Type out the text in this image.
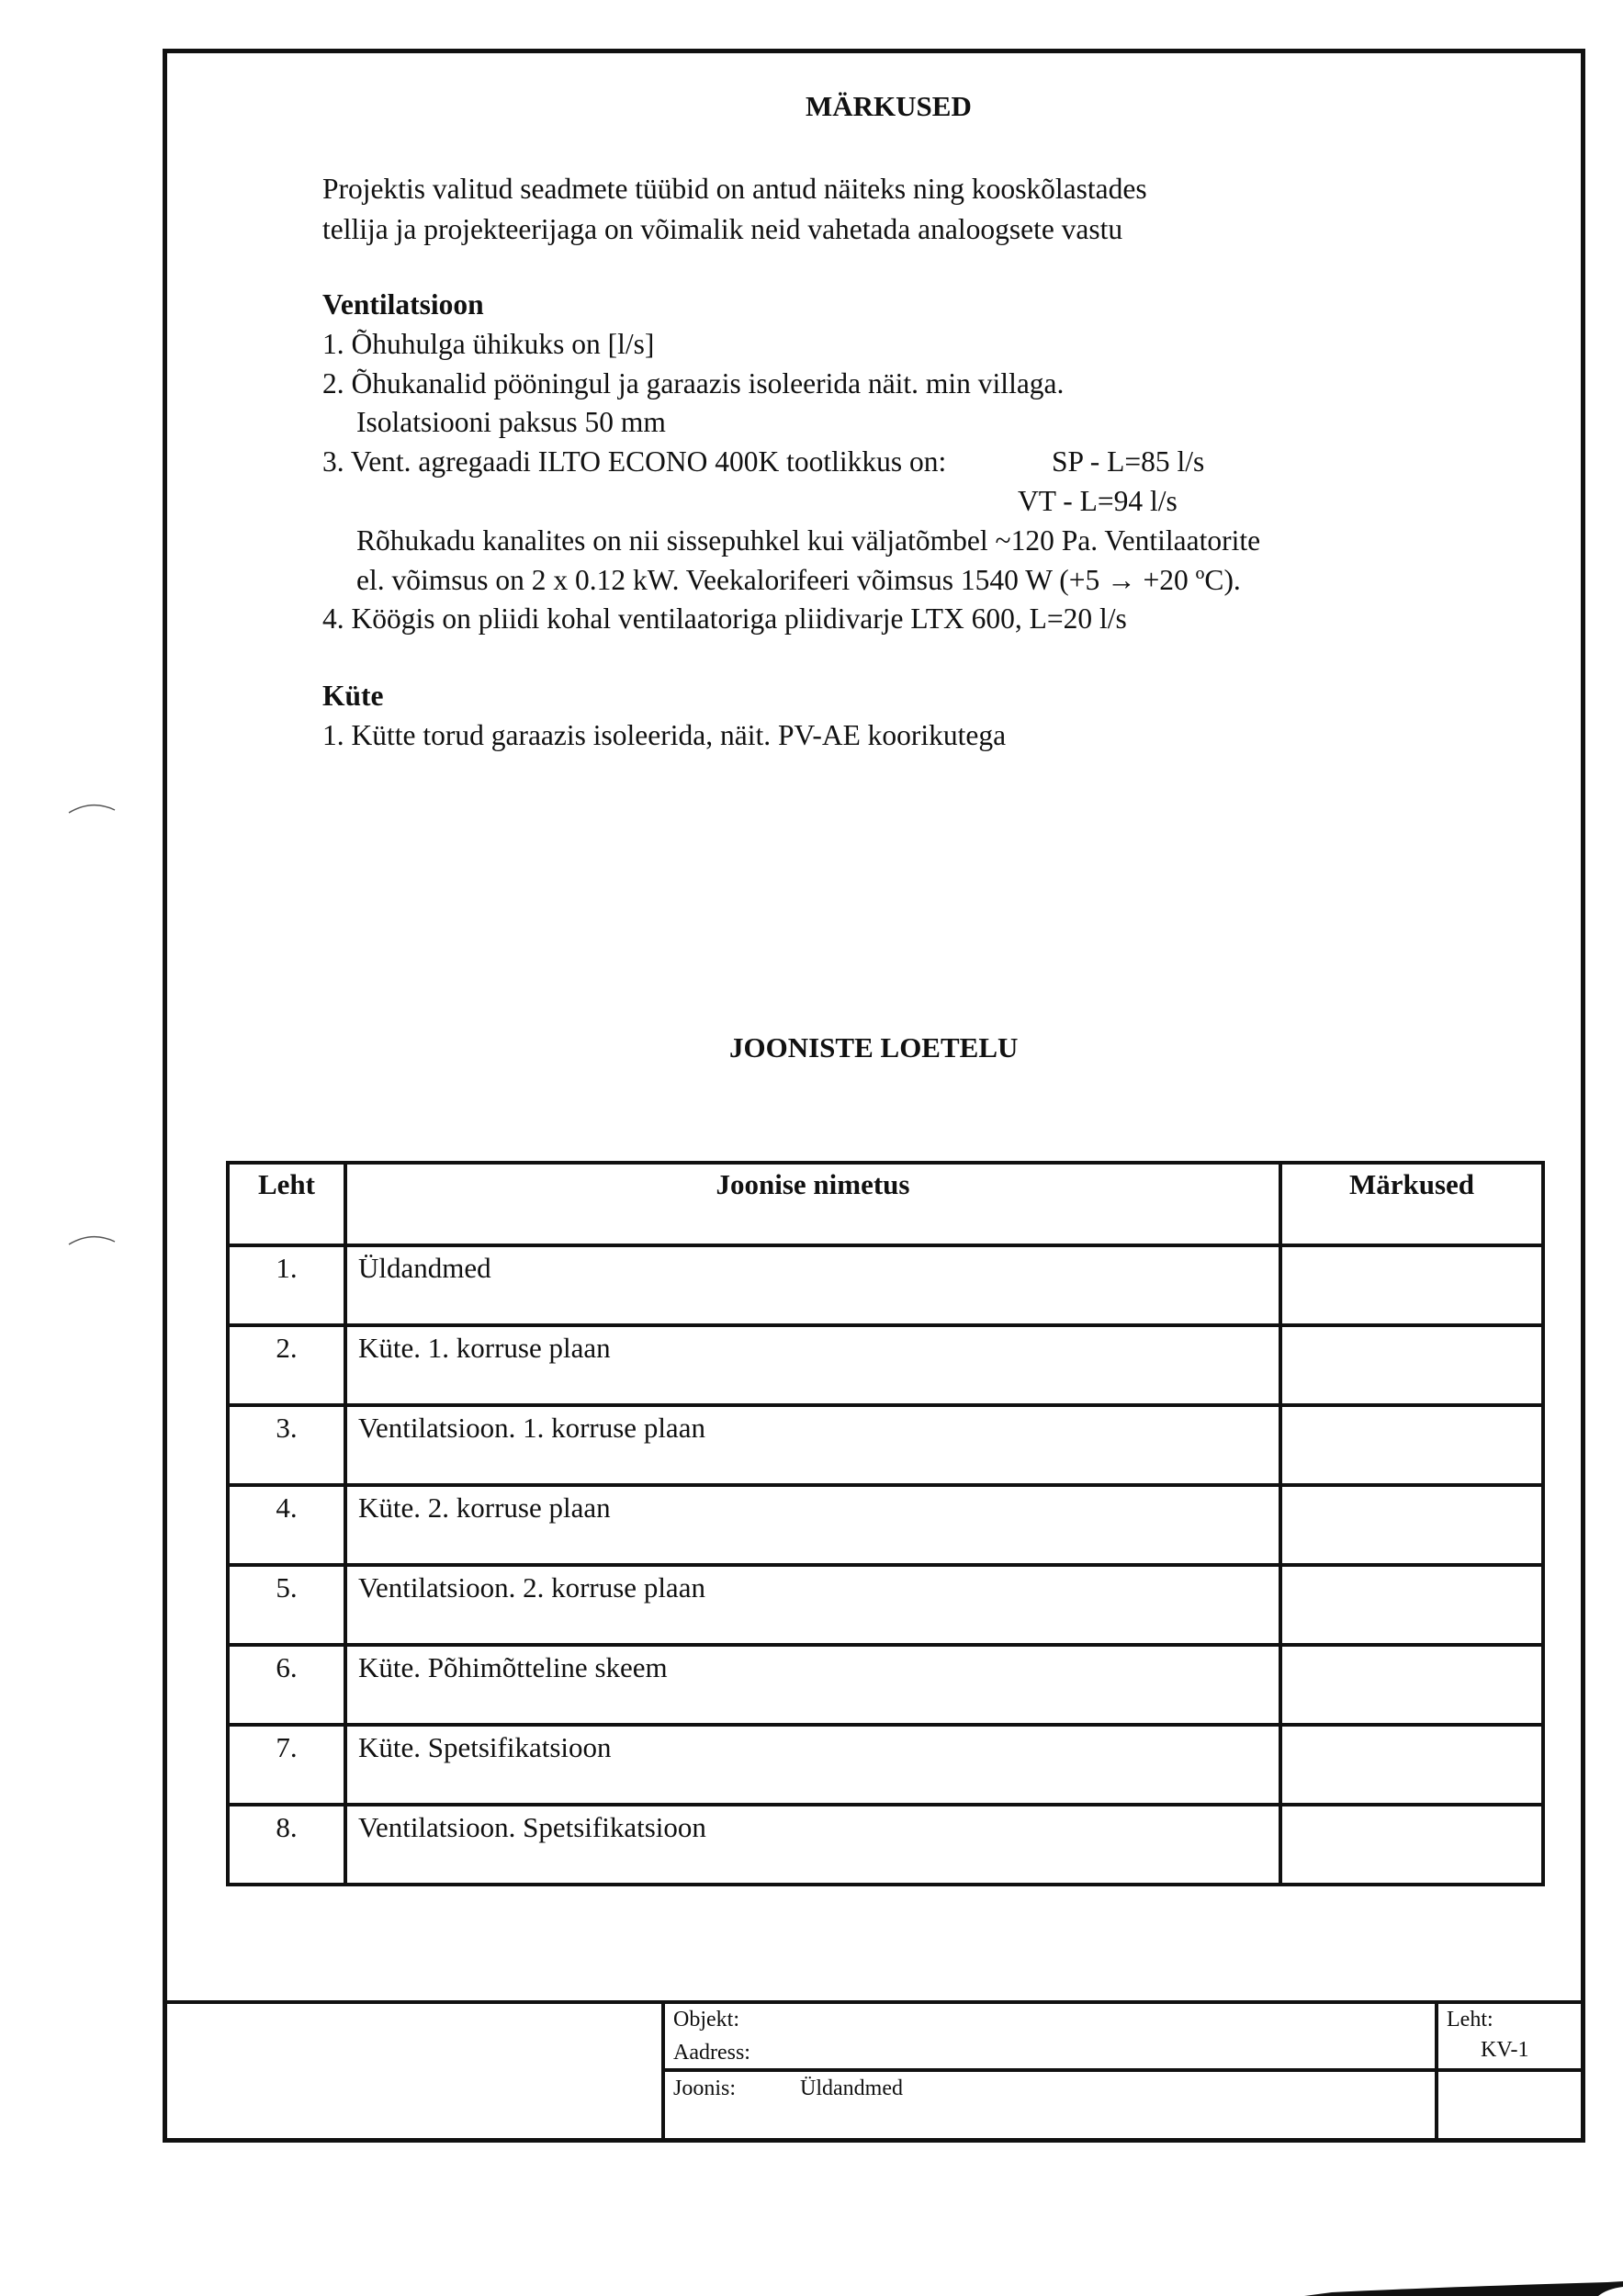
MÄRKUSED
Projektis valitud seadmete tüübid on antud näiteks ning kooskõlastades
tellija ja projekteerijaga on võimalik neid vahetada analoogsete vastu
Ventilatsioon
1. Õhuhulga ühikuks on [l/s]
2. Õhukanalid pööningul ja garaazis isoleerida näit. min villaga.
Isolatsiooni paksus 50 mm
3. Vent. agregaadi ILTO ECONO 400K tootlikkus on:	SP - L=85 l/s
VT - L=94 l/s
Rõhukadu kanalites on nii sissepuhkel kui väljatõmbel ~120 Pa. Ventilaatorite
el. võimsus on 2 x 0.12 kW. Veekalorifeeri võimsus 1540 W (+5 → +20 ºC).
4. Köögis on pliidi kohal ventilaatoriga pliidivarje LTX 600, L=20 l/s
Küte
1. Kütte torud garaazis isoleerida, näit. PV-AE koorikutega
JOONISTE LOETELU
Leht	Joonise nimetus	Märkused
1.	Üldandmed
2.	Küte. 1. korruse plaan
3.	Ventilatsioon. 1. korruse plaan
4.	Küte. 2. korruse plaan
5.	Ventilatsioon. 2. korruse plaan
6.	Küte. Põhimõtteline skeem
7.	Küte. Spetsifikatsioon
8.	Ventilatsioon. Spetsifikatsioon
Objekt:
Aadress:
Joonis:	Üldandmed
Leht:
KV-1
